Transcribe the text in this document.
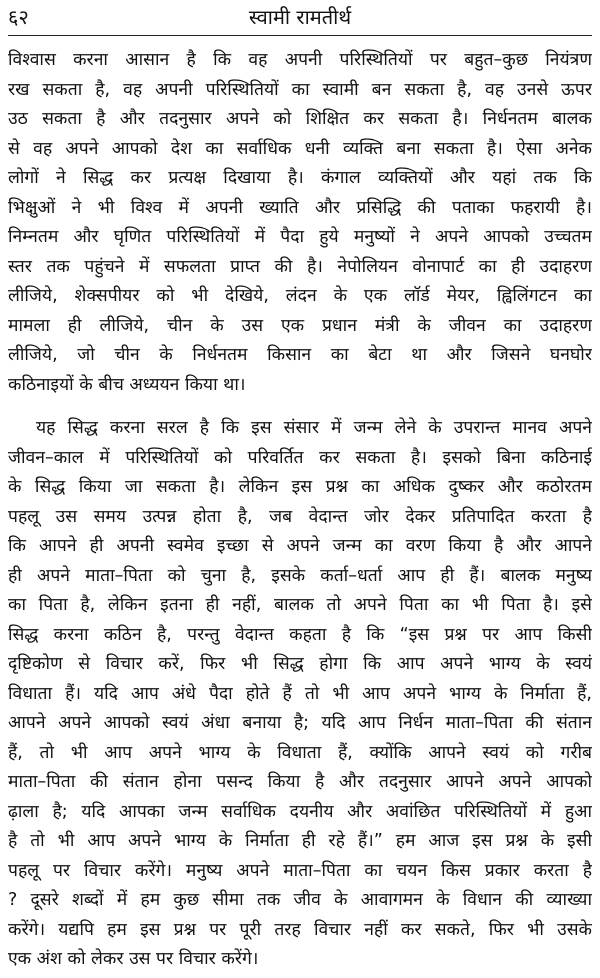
६२	स्वामी रामतीर्थ

विश्वास करना आसान है कि वह अपनी परिस्थितियों पर बहुत–कुछ नियंत्रण
रख सकता है, वह अपनी परिस्थितियों का स्वामी बन सकता है, वह उनसे ऊपर
उठ सकता है और तदनुसार अपने को शिक्षित कर सकता है। निर्धनतम बालक
से वह अपने आपको देश का सर्वाधिक धनी व्यक्ति बना सकता है। ऐसा अनेक
लोगों ने सिद्ध कर प्रत्यक्ष दिखाया है। कंगाल व्यक्तियों और यहां तक कि
भिक्षुओं ने भी विश्व में अपनी ख्याति और प्रसिद्धि की पताका फहरायी है।
निम्नतम और घृणित परिस्थितियों में पैदा हुये मनुष्यों ने अपने आपको उच्चतम
स्तर तक पहुंचने में सफलता प्राप्त की है। नेपोलियन वोनापार्ट का ही उदाहरण
लीजिये, शेक्सपीयर को भी देखिये, लंदन के एक लॉर्ड मेयर, ह्विलिंगटन का
मामला ही लीजिये, चीन के उस एक प्रधान मंत्री के जीवन का उदाहरण
लीजिये, जो चीन के निर्धनतम किसान का बेटा था और जिसने घनघोर
कठिनाइयों के बीच अध्ययन किया था।

यह सिद्ध करना सरल है कि इस संसार में जन्म लेने के उपरान्त मानव अपने
जीवन–काल में परिस्थितियों को परिवर्तित कर सकता है। इसको बिना कठिनाई
के सिद्ध किया जा सकता है। लेकिन इस प्रश्न का अधिक दुष्कर और कठोरतम
पहलू उस समय उत्पन्न होता है, जब वेदान्त जोर देकर प्रतिपादित करता है
कि आपने ही अपनी स्वमेव इच्छा से अपने जन्म का वरण किया है और आपने
ही अपने माता–पिता को चुना है, इसके कर्ता–धर्ता आप ही हैं। बालक मनुष्य
का पिता है, लेकिन इतना ही नहीं, बालक तो अपने पिता का भी पिता है। इसे
सिद्ध करना कठिन है, परन्तु वेदान्त कहता है कि “इस प्रश्न पर आप किसी
दृष्टिकोण से विचार करें, फिर भी सिद्ध होगा कि आप अपने भाग्य के स्वयं
विधाता हैं। यदि आप अंधे पैदा होते हैं तो भी आप अपने भाग्य के निर्माता हैं,
आपने अपने आपको स्वयं अंधा बनाया है; यदि आप निर्धन माता–पिता की संतान
हैं, तो भी आप अपने भाग्य के विधाता हैं, क्योंकि आपने स्वयं को गरीब
माता–पिता की संतान होना पसन्द किया है और तदनुसार आपने अपने आपको
ढ़ाला है; यदि आपका जन्म सर्वाधिक दयनीय और अवांछित परिस्थितियों में हुआ
है तो भी आप अपने भाग्य के निर्माता ही रहे हैं।” हम आज इस प्रश्न के इसी
पहलू पर विचार करेंगे। मनुष्य अपने माता–पिता का चयन किस प्रकार करता है
? दूसरे शब्दों में हम कुछ सीमा तक जीव के आवागमन के विधान की व्याख्या
करेंगे। यद्यपि हम इस प्रश्न पर पूरी तरह विचार नहीं कर सकते, फिर भी उसके
एक अंश को लेकर उस पर विचार करेंगे।
